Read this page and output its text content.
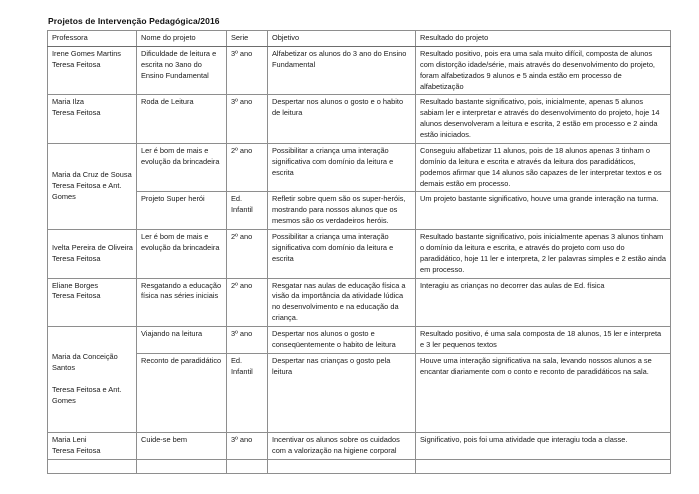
Projetos de Intervenção Pedagógica/2016
Professora	Nome do projeto	Serie	Objetivo	Resultado do projeto

Irene Gomes Martins
Teresa Feitosa	Dificuldade de leitura e escrita no 3ano do Ensino Fundamental	3º ano	Alfabetizar os alunos do 3 ano do Ensino Fundamental	Resultado positivo, pois era uma sala muito difícil, composta de alunos com distorção idade/série, mais através do desenvolvimento do projeto, foram alfabetizados 9 alunos e 5 ainda estão em processo de alfabetização

Maria Ilza
Teresa Feitosa	Roda de Leitura	3º ano	Despertar nos alunos o gosto e o habito de leitura	Resultado bastante significativo, pois, inicialmente, apenas 5 alunos sabiam ler e interpretar e através do desenvolvimento do projeto, hoje 14 alunos desenvolveram a leitura e escrita, 2 estão em processo e 2 ainda estão iniciados.

Maria da Cruz de Sousa
Teresa Feitosa e Ant. Gomes	Ler é bom de mais e evolução da brincadeira	2º ano	Possibilitar a criança uma interação significativa com domínio da leitura e escrita	Conseguiu alfabetizar 11 alunos, pois de 18 alunos apenas 3 tinham o domínio da leitura e escrita e através da leitura dos paradidáticos, podemos afirmar que 14 alunos são capazes de ler interpretar textos e os demais estão em processo.
	Projeto Super herói	Ed. Infantil	Refletir sobre quem são os super-heróis, mostrando para nossos alunos que os mesmos são os verdadeiros heróis.	Um projeto bastante significativo, houve uma grande interação na turma.

Ivelta Pereira de Oliveira
Teresa Feitosa	Ler é bom de mais e evolução da brincadeira	2º ano	Possibilitar a criança uma interação significativa com domínio da leitura e escrita	Resultado bastante significativo, pois inicialmente apenas 3 alunos tinham o domínio da leitura e escrita, e através do projeto com uso do paradidático, hoje 11 ler e interpreta, 2 ler palavras simples e 2 estão ainda em processo.

Eliane Borges
Teresa Feitosa	Resgatando a educação física nas séries iniciais	2º ano	Resgatar nas aulas de educação física a visão da importância da atividade lúdica no desenvolvimento e na educação da criança.	Interagiu as crianças no decorrer das aulas de Ed. física

Maria da Conceição Santos

Teresa Feitosa e Ant. Gomes	Viajando na leitura	3º ano	Despertar nos alunos o gosto e conseqüentemente o habito de leitura	Resultado positivo, é uma sala composta de 18 alunos, 15 ler e interpreta e 3 ler pequenos textos
	Reconto de paradidático	Ed. Infantil	Despertar nas crianças o gosto pela leitura	Houve uma interação significativa na sala, levando nossos alunos a se encantar diariamente com o conto e reconto de paradidáticos na sala.

Maria Leni
Teresa Feitosa	Cuide-se bem	3º ano	Incentivar os alunos sobre os cuidados com a valorização na higiene corporal	Significativo, pois foi uma atividade que interagiu toda a classe.
